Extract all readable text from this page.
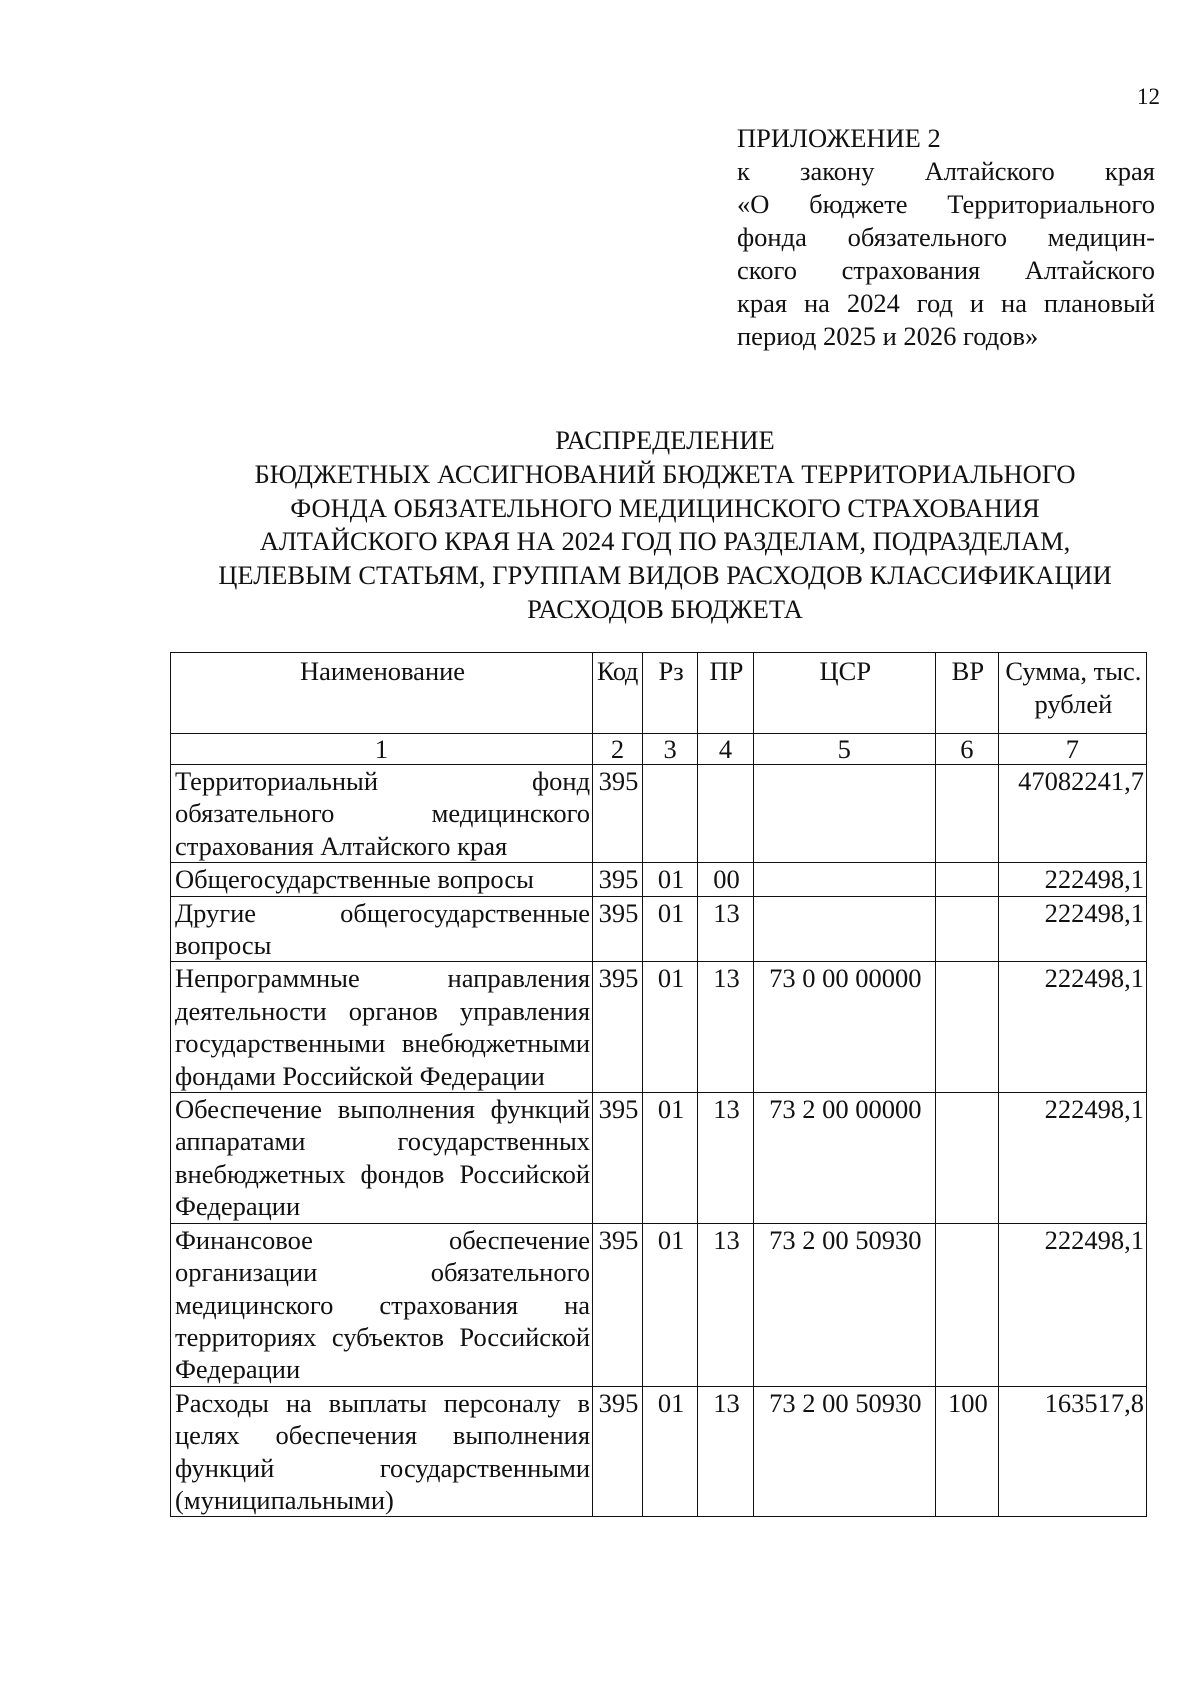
12
ПРИЛОЖЕНИЕ 2
к закону Алтайского края
«О бюджете Территориального
фонда обязательного медицин-
ского страхования Алтайского
края на 2024 год и на плановый
период 2025 и 2026 годов»
РАСПРЕДЕЛЕНИЕ
БЮДЖЕТНЫХ АССИГНОВАНИЙ БЮДЖЕТА ТЕРРИТОРИАЛЬНОГО
ФОНДА ОБЯЗАТЕЛЬНОГО МЕДИЦИНСКОГО СТРАХОВАНИЯ
АЛТАЙСКОГО КРАЯ НА 2024 ГОД ПО РАЗДЕЛАМ, ПОДРАЗДЕЛАМ,
ЦЕЛЕВЫМ СТАТЬЯМ, ГРУППАМ ВИДОВ РАСХОДОВ КЛАССИФИКАЦИИ
РАСХОДОВ БЮДЖЕТА
Наименование	Код	Рз	ПР	ЦСР	ВР	Сумма, тыс. рублей
1	2	3	4	5	6	7
Территориальный фонд обязательного медицинского страхования Алтайского края	395					47082241,7
Общегосударственные вопросы	395	01	00			222498,1
Другие общегосударственные вопросы	395	01	13			222498,1
Непрограммные направления деятельности органов управления государственными внебюджетными фондами Российской Федерации	395	01	13	73 0 00 00000		222498,1
Обеспечение выполнения функций аппаратами государственных внебюджетных фондов Российской Федерации	395	01	13	73 2 00 00000		222498,1
Финансовое обеспечение организации обязательного медицинского страхования на территориях субъектов Российской Федерации	395	01	13	73 2 00 50930		222498,1
Расходы на выплаты персоналу в целях обеспечения выполнения функций государственными (муниципальными)	395	01	13	73 2 00 50930	100	163517,8
